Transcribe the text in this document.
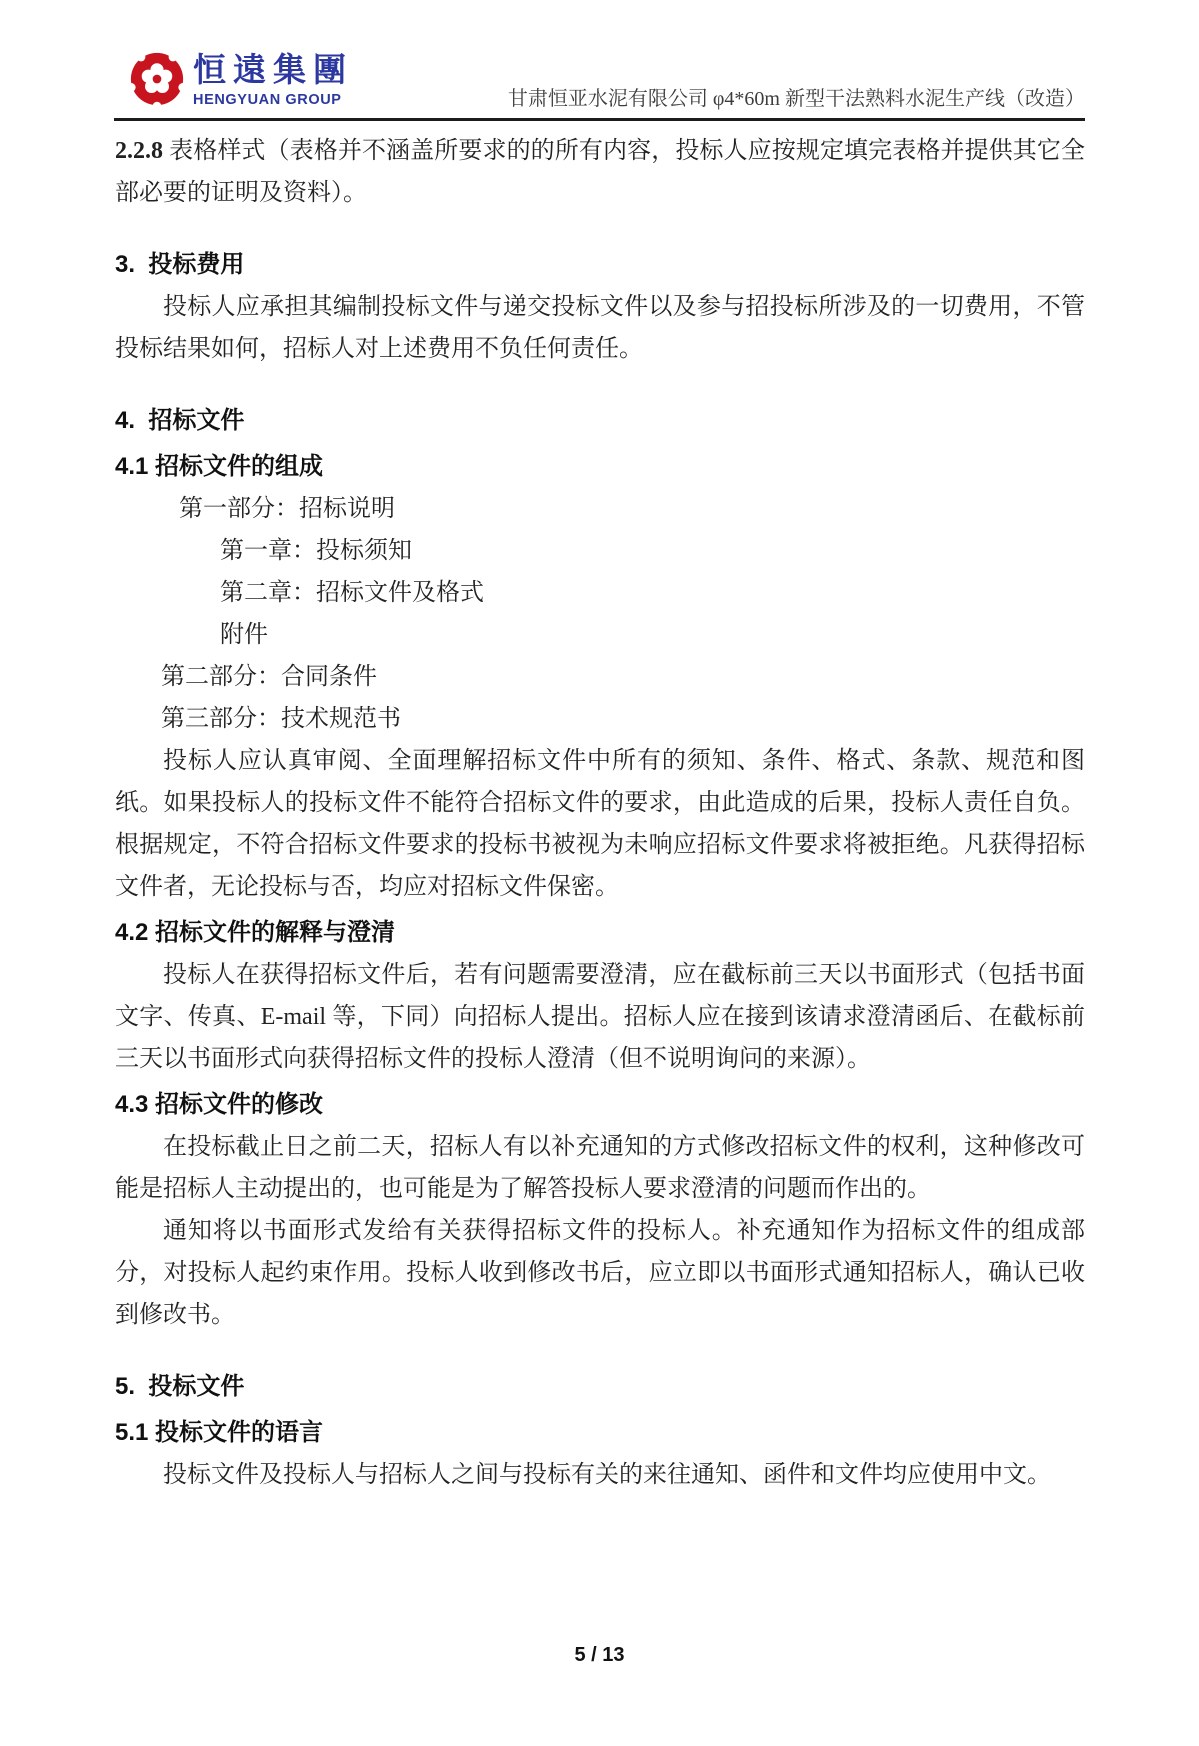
恒遠集團
HENGYUAN GROUP	甘肃恒亚水泥有限公司 φ4*60m 新型干法熟料水泥生产线（改造）

2.2.8 表格样式（表格并不涵盖所要求的的所有内容，投标人应按规定填完表格并提供其它全部必要的证明及资料）。

3.  投标费用

投标人应承担其编制投标文件与递交投标文件以及参与招投标所涉及的一切费用，不管投标结果如何，招标人对上述费用不负任何责任。

4.  招标文件

4.1 招标文件的组成

第一部分：招标说明

第一章：投标须知

第二章：招标文件及格式

附件

第二部分：合同条件

第三部分：技术规范书

投标人应认真审阅、全面理解招标文件中所有的须知、条件、格式、条款、规范和图纸。如果投标人的投标文件不能符合招标文件的要求，由此造成的后果，投标人责任自负。根据规定，不符合招标文件要求的投标书被视为未响应招标文件要求将被拒绝。凡获得招标文件者，无论投标与否，均应对招标文件保密。

4.2 招标文件的解释与澄清

投标人在获得招标文件后，若有问题需要澄清，应在截标前三天以书面形式（包括书面文字、传真、E-mail 等，下同）向招标人提出。招标人应在接到该请求澄清函后、在截标前三天以书面形式向获得招标文件的投标人澄清（但不说明询问的来源）。

4.3 招标文件的修改

在投标截止日之前二天，招标人有以补充通知的方式修改招标文件的权利，这种修改可能是招标人主动提出的，也可能是为了解答投标人要求澄清的问题而作出的。

通知将以书面形式发给有关获得招标文件的投标人。补充通知作为招标文件的组成部分，对投标人起约束作用。投标人收到修改书后，应立即以书面形式通知招标人，确认已收到修改书。

5.  投标文件

5.1 投标文件的语言

投标文件及投标人与招标人之间与投标有关的来往通知、函件和文件均应使用中文。

5 / 13
